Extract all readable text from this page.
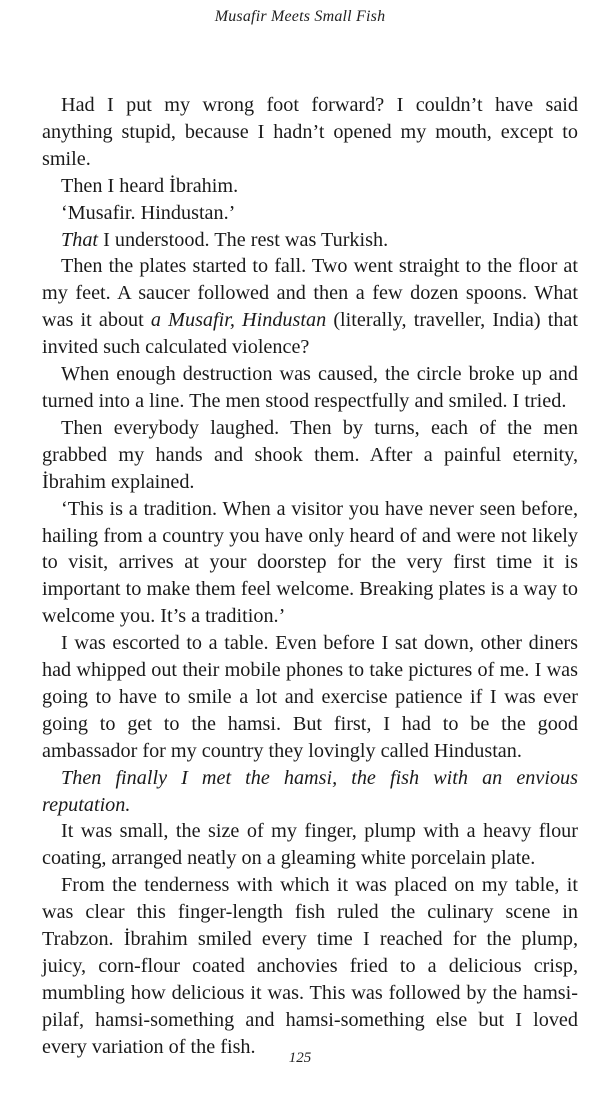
Musafir Meets Small Fish

Had I put my wrong foot forward? I couldn’t have said anything stupid, because I hadn’t opened my mouth, except to smile.

Then I heard İbrahim.

‘Musafir. Hindustan.’

That I understood. The rest was Turkish.

Then the plates started to fall. Two went straight to the floor at my feet. A saucer followed and then a few dozen spoons. What was it about a Musafir, Hindustan (literally, traveller, India) that invited such calculated violence?

When enough destruction was caused, the circle broke up and turned into a line. The men stood respectfully and smiled. I tried.

Then everybody laughed. Then by turns, each of the men grabbed my hands and shook them. After a painful eternity, İbrahim explained.

‘This is a tradition. When a visitor you have never seen before, hailing from a country you have only heard of and were not likely to visit, arrives at your doorstep for the very first time it is important to make them feel welcome. Breaking plates is a way to welcome you. It’s a tradition.’

I was escorted to a table. Even before I sat down, other diners had whipped out their mobile phones to take pictures of me. I was going to have to smile a lot and exercise patience if I was ever going to get to the hamsi. But first, I had to be the good ambassador for my country they lovingly called Hindustan.

Then finally I met the hamsi, the fish with an envious reputation.

It was small, the size of my finger, plump with a heavy flour coating, arranged neatly on a gleaming white porcelain plate.

From the tenderness with which it was placed on my table, it was clear this finger-length fish ruled the culinary scene in Trabzon. İbrahim smiled every time I reached for the plump, juicy, corn-flour coated anchovies fried to a delicious crisp, mumbling how delicious it was. This was followed by the hamsi-pilaf, hamsi-something and hamsi-something else but I loved every variation of the fish.

125
